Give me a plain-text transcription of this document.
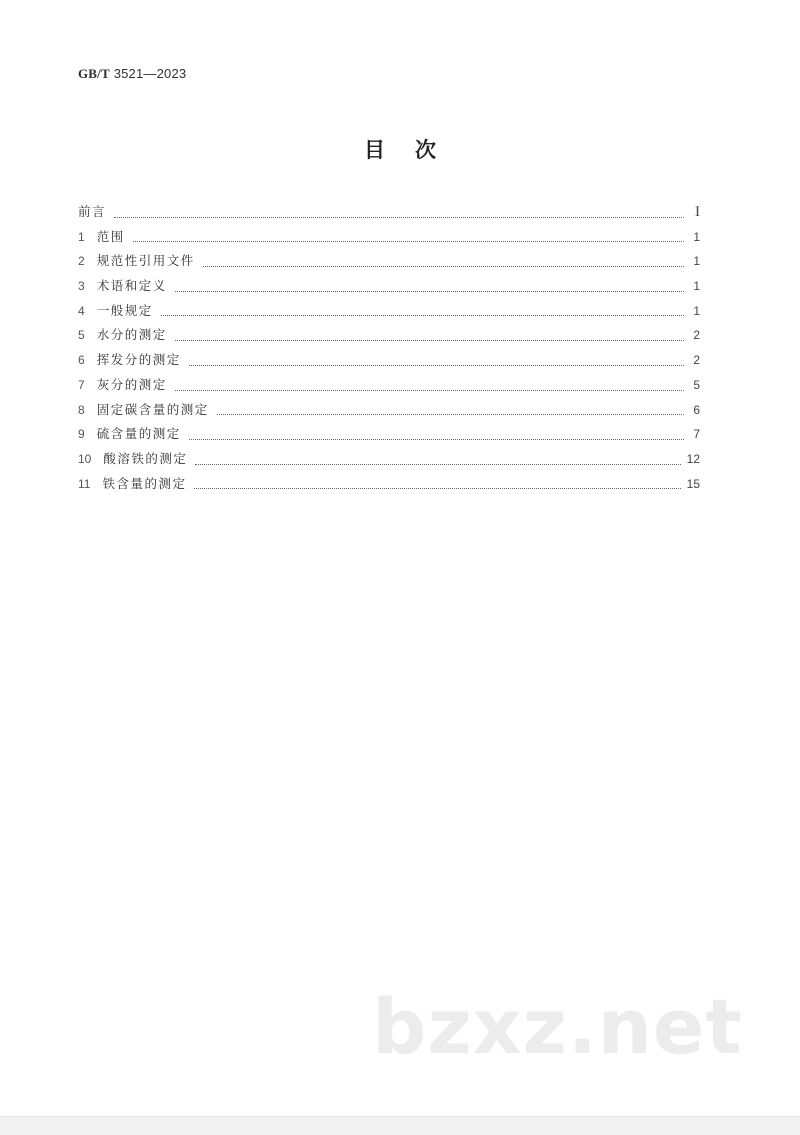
GB/T 3521—2023
目次
前言	I
1 范围	1
2 规范性引用文件	1
3 术语和定义	1
4 一般规定	1
5 水分的测定	2
6 挥发分的测定	2
7 灰分的测定	5
8 固定碳含量的测定	6
9 硫含量的测定	7
10 酸溶铁的测定	12
11 铁含量的测定	15
bzxz.net
